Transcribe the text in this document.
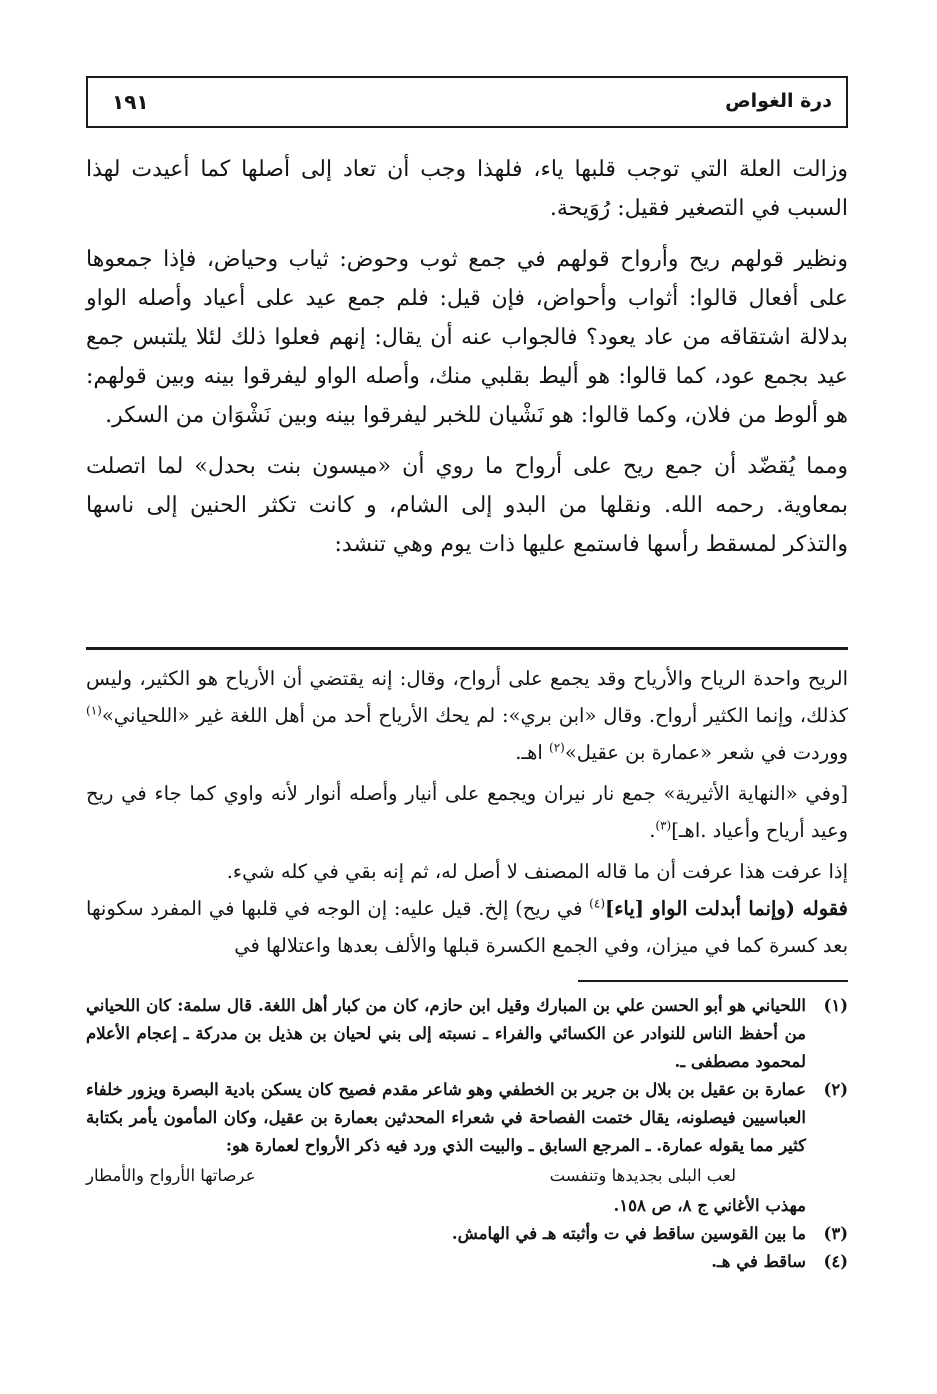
درة الغواص
١٩١

وزالت العلة التي توجب قلبها ياء، فلهذا وجب أن تعاد إلى أصلها كما أعيدت لهذا السبب في التصغير فقيل: رُوَيحة.

ونظير قولهم ريح وأرواح قولهم في جمع ثوب وحوض: ثياب وحياض، فإذا جمعوها على أفعال قالوا: أثواب وأحواض، فإن قيل: فلم جمع عيد على أعياد وأصله الواو بدلالة اشتقاقه من عاد يعود؟ فالجواب عنه أن يقال: إنهم فعلوا ذلك لئلا يلتبس جمع عيد بجمع عود، كما قالوا: هو أليط بقلبي منك، وأصله الواو ليفرقوا بينه وبين قولهم: هو ألوط من فلان، وكما قالوا: هو نَشْيان للخبر ليفرقوا بينه وبين نَشْوَان من السكر.

ومما يُقضّد أن جمع ريح على أرواح ما روي أن «ميسون بنت بحدل» لما اتصلت بمعاوية. رحمه الله. ونقلها من البدو إلى الشام، و كانت تكثر الحنين إلى ناسها والتذكر لمسقط رأسها فاستمع عليها ذات يوم وهي تنشد:

الريح واحدة الرياح والأرياح وقد يجمع على أرواح، وقال: إنه يقتضي أن الأرياح هو الكثير، وليس كذلك، وإنما الكثير أرواح. وقال «ابن بري»: لم يحك الأرياح أحد من أهل اللغة غير «اللحياني»$^{(١)}$ ووردت في شعر «عمارة بن عقيل»$^{(٢)}$ اهـ.

[وفي «النهاية الأثيرية» جمع نار نيران ويجمع على أنيار وأصله أنوار لأنه واوي كما جاء في ريح وعيد أرياح وأعياد .اهـ]$^{(٣)}$.

إذا عرفت هذا عرفت أن ما قاله المصنف لا أصل له، ثم إنه بقي في كله شيء.

فقوله (وإنما أبدلت الواو [ياء]$^{(٤)}$ في ريح) إلخ. قيل عليه: إن الوجه في قلبها في المفرد سكونها بعد كسرة كما في ميزان، وفي الجمع الكسرة قبلها والألف بعدها واعتلالها في

(١)
اللحياني هو أبو الحسن علي بن المبارك وقيل ابن حازم، كان من كبار أهل اللغة. قال سلمة: كان اللحياني من أحفظ الناس للنوادر عن الكسائي والفراء ـ نسبته إلى بني لحيان بن هذيل بن مدركة ـ إعجام الأعلام لمحمود مصطفى ـ.
(٢)
عمارة بن عقيل بن بلال بن جرير بن الخطفي وهو شاعر مقدم فصيح كان يسكن بادية البصرة ويزور خلفاء العباسيين فيصلونه، يقال ختمت الفصاحة في شعراء المحدثين بعمارة بن عقيل، وكان المأمون يأمر بكتابة كثير مما يقوله عمارة. ـ المرجع السابق ـ والبيت الذي ورد فيه ذكر الأرواح لعمارة هو:
لعب البلى بجديدها وتنفست
عرصاتها الأرواح والأمطار
مهذب الأغاني ج ٨، ص ١٥٨.
(٣)
ما بين القوسين ساقط في ت وأثبته هـ في الهامش.
(٤)
ساقط في هـ.
